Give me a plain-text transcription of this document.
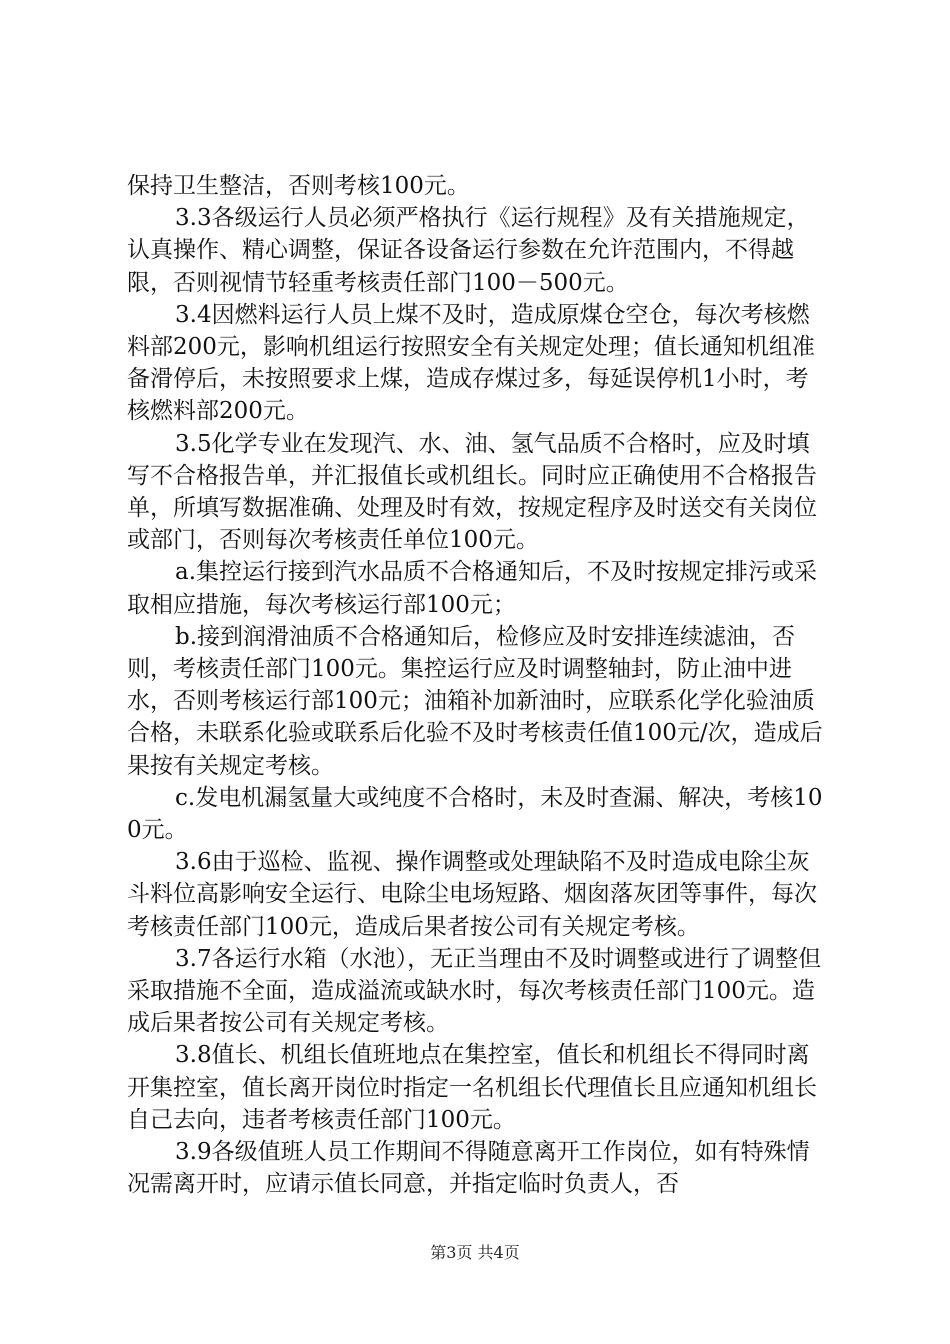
保持卫生整洁，否则考核100元。

3.3各级运行人员必须严格执行《运行规程》及有关措施规定，认真操作、精心调整，保证各设备运行参数在允许范围内，不得越限，否则视情节轻重考核责任部门100－500元。

3.4因燃料运行人员上煤不及时，造成原煤仓空仓，每次考核燃料部200元，影响机组运行按照安全有关规定处理；值长通知机组准备滑停后，未按照要求上煤，造成存煤过多，每延误停机1小时，考核燃料部200元。

3.5化学专业在发现汽、水、油、氢气品质不合格时，应及时填写不合格报告单，并汇报值长或机组长。同时应正确使用不合格报告单，所填写数据准确、处理及时有效，按规定程序及时送交有关岗位或部门，否则每次考核责任单位100元。

a.集控运行接到汽水品质不合格通知后，不及时按规定排污或采取相应措施，每次考核运行部100元；

b.接到润滑油质不合格通知后，检修应及时安排连续滤油，否则，考核责任部门100元。集控运行应及时调整轴封，防止油中进水，否则考核运行部100元；油箱补加新油时，应联系化学化验油质合格，未联系化验或联系后化验不及时考核责任值100元/次，造成后果按有关规定考核。

c.发电机漏氢量大或纯度不合格时，未及时查漏、解决，考核100元。

3.6由于巡检、监视、操作调整或处理缺陷不及时造成电除尘灰斗料位高影响安全运行、电除尘电场短路、烟囱落灰团等事件，每次考核责任部门100元，造成后果者按公司有关规定考核。

3.7各运行水箱（水池），无正当理由不及时调整或进行了调整但采取措施不全面，造成溢流或缺水时，每次考核责任部门100元。造成后果者按公司有关规定考核。

3.8值长、机组长值班地点在集控室，值长和机组长不得同时离开集控室，值长离开岗位时指定一名机组长代理值长且应通知机组长自己去向，违者考核责任部门100元。

3.9各级值班人员工作期间不得随意离开工作岗位，如有特殊情况需离开时，应请示值长同意，并指定临时负责人，否

第3页 共4页
